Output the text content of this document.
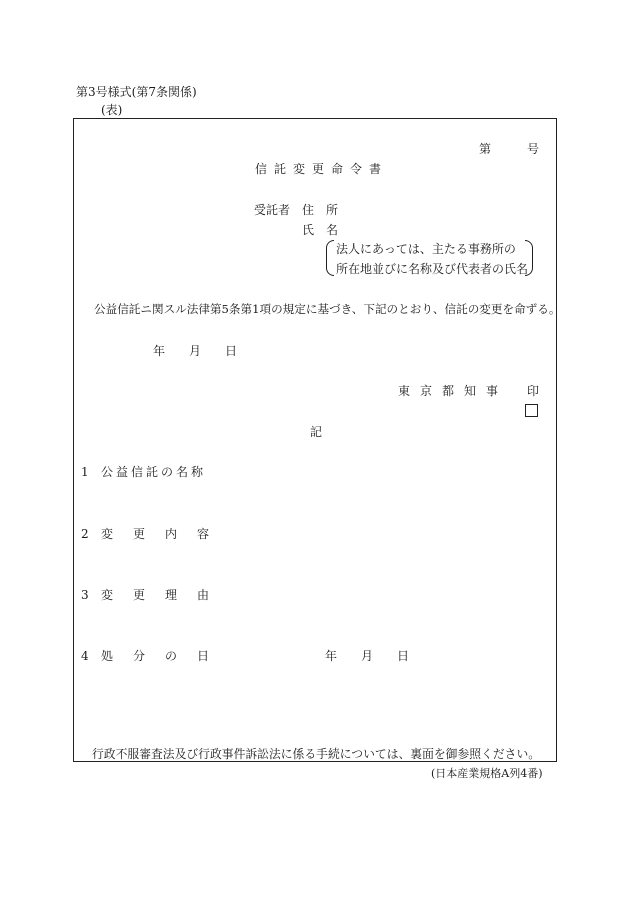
第3号様式(第7条関係)
(表)
第	号
信託変更命令書
受託者 住　所
氏　名
法人にあっては、主たる事務所の
所在地並びに名称及び代表者の氏名
公益信託ニ関スル法律第5条第1項の規定に基づき、下記のとおり、信託の変更を命ずる。
年 月 日
東京都知事 印
記
1 公益信託の名称
2 変更内容
3 変更理由
4 処分の日	年 月 日
行政不服審査法及び行政事件訴訟法に係る手続については、裏面を御参照ください。
(日本産業規格A列4番)
